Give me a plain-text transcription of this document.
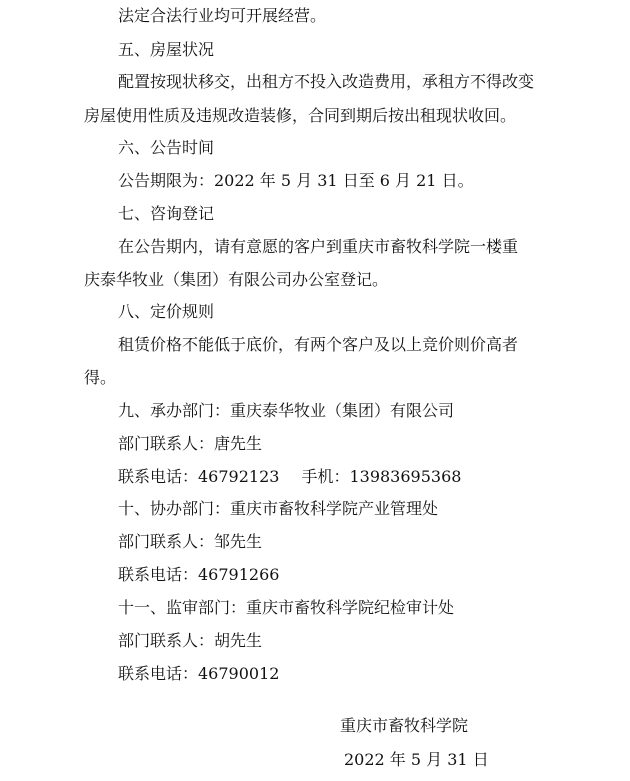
法定合法行业均可开展经营。
五、房屋状况
配置按现状移交，出租方不投入改造费用，承租方不得改变
房屋使用性质及违规改造装修，合同到期后按出租现状收回。
六、公告时间
公告期限为：2022 年 5 月 31 日至 6 月 21 日。
七、咨询登记
在公告期内，请有意愿的客户到重庆市畜牧科学院一楼重
庆泰华牧业（集团）有限公司办公室登记。
八、定价规则
租赁价格不能低于底价，有两个客户及以上竞价则价高者
得。
九、承办部门：重庆泰华牧业（集团）有限公司
部门联系人：唐先生
联系电话：46792123 手机：13983695368
十、协办部门：重庆市畜牧科学院产业管理处
部门联系人：邹先生
联系电话：46791266
十一、监审部门：重庆市畜牧科学院纪检审计处
部门联系人：胡先生
联系电话：46790012
重庆市畜牧科学院
2022 年 5 月 31 日
